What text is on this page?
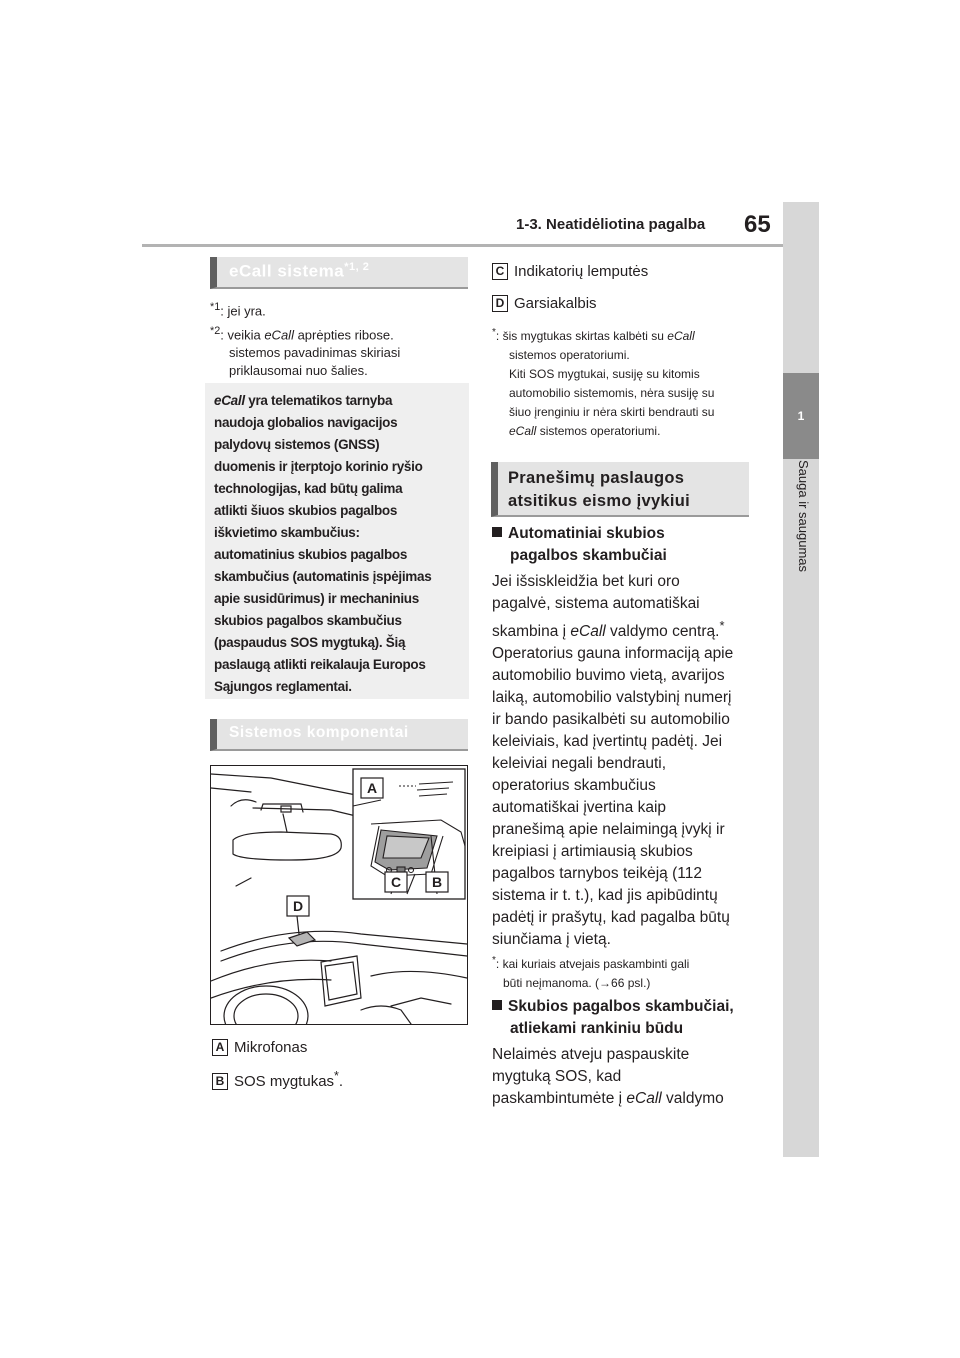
1-3. Neatidėliotina pagalba 65
1
Sauga ir saugumas
eCall sistema$^{*1, 2}$
$^{*1}$: jei yra.
$^{*2}$: veikia eCall aprėpties ribose.
sistemos pavadinimas skiriasi
priklausomai nuo šalies.
eCall yra telematikos tarnyba
naudoja globalios navigacijos
palydovų sistemos (GNSS)
duomenis ir įterptojo korinio ryšio
technologijas, kad būtų galima
atlikti šiuos skubios pagalbos
iškvietimo skambučius:
automatinius skubios pagalbos
skambučius (automatinis įspėjimas
apie susidūrimus) ir mechaninius
skubios pagalbos skambučius
(paspaudus SOS mygtuką). Šią
paslaugą atlikti reikalauja Europos
Sąjungos reglamentai.
Sistemos komponentai
A
C B
D
A Mikrofonas
B SOS mygtukas*.
C Indikatorių lemputės
D Garsiakalbis
*: šis mygtukas skirtas kalbėti su eCall
sistemos operatoriumi.
Kiti SOS mygtukai, susiję su kitomis
automobilio sistemomis, nėra susiję su
šiuo įrenginiu ir nėra skirti bendrauti su
eCall sistemos operatoriumi.
Pranešimų paslaugos
atsitikus eismo įvykiui
Automatiniai skubios
pagalbos skambučiai
Jei išsiskleidžia bet kuri oro
pagalvė, sistema automatiškai
skambina į eCall valdymo centrą.*
Operatorius gauna informaciją apie
automobilio buvimo vietą, avarijos
laiką, automobilio valstybinį numerį
ir bando pasikalbėti su automobilio
keleiviais, kad įvertintų padėtį. Jei
keleiviai negali bendrauti,
operatorius skambučius
automatiškai įvertina kaip
pranešimą apie nelaimingą įvykį ir
kreipiasi į artimiausią skubios
pagalbos tarnybos teikėją (112
sistema ir t. t.), kad jis apibūdintų
padėtį ir prašytų, kad pagalba būtų
siunčiama į vietą.
*: kai kuriais atvejais paskambinti gali
būti neįmanoma. (→66 psl.)
Skubios pagalbos skambučiai,
atliekami rankiniu būdu
Nelaimės atveju paspauskite
mygtuką SOS, kad
paskambintumėte į eCall valdymo
